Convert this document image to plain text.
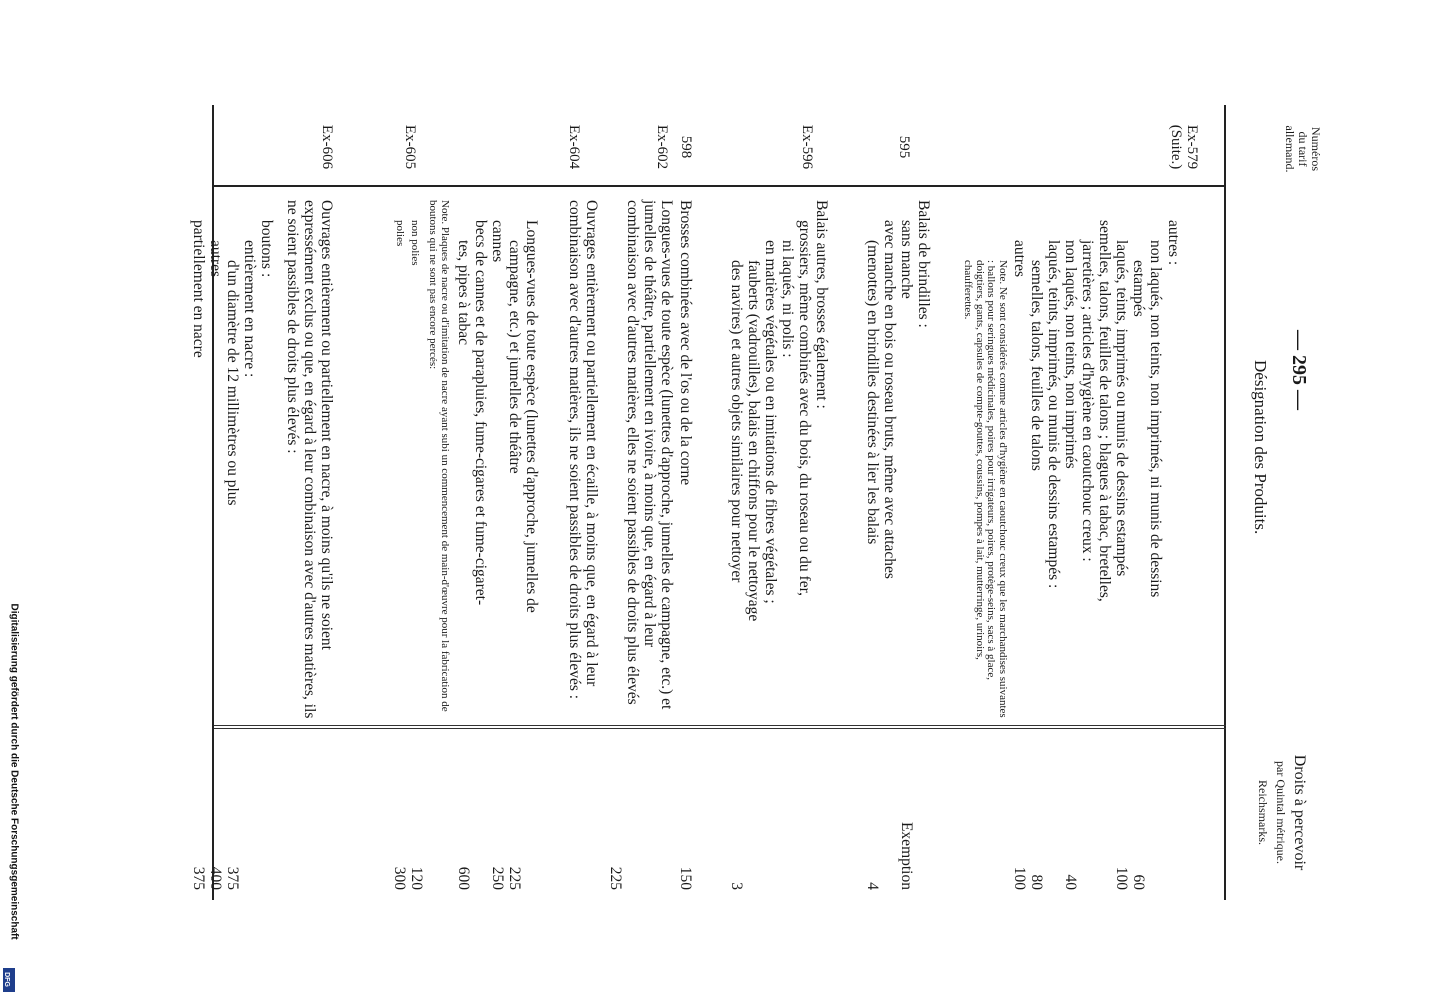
— 295 —
Numéros
du tarif
allemand.
Désignation des Produits.
Droits à percevoir
par Quintal métrique.
Reichsmarks.
Ex-579
(Suite.)
595
Ex-596
598
Ex-602
Ex-604
Ex-605
Ex-606
autres :
non laqués, non teints, non imprimés, ni munis de dessins
estampés
laqués, teints, imprimés ou munis de dessins estampés
semelles, talons, feuilles de talons ; blagues à tabac, bretelles,
jarretières ; articles d'hygiène en caoutchouc creux :
non laqués, non teints, non imprimés
laqués, teints, imprimés, ou munis de dessins estampés :
semelles, talons, feuilles de talons
autres
Note. Ne sont considérés comme articles d'hygiène en caoutchouc creux que les marchandises suivantes : ballons pour seringues médicinales, poires pour irrigateurs, poires, protège-seins, sacs à glace, doigtiers, gants, capsules de compte-gouttes, coussins, pompes à lait, mutterringe, urinoirs, chaufferettes.
Balais de brindilles :
sans manche
avec manche en bois ou roseau bruts, même avec attaches
(menottes) en brindilles destinées à lier les balais
Balais autres, brosses également :
grossiers, même combinés avec du bois, du roseau ou du fer,
ni laqués, ni polis :
en matières végétales ou en imitations de fibres végétales ;
fauberts (vadrouilles), balais en chiffons pour le nettoyage
des navires) et autres objets similaires pour nettoyer
Brosses combinées avec de l'os ou de la corne
Longues-vues de toute espèce (lunettes d'approche, jumelles de campagne, etc.) et jumelles de théâtre, partiellement en ivoire, à moins que, en égard à leur combinaison avec d'autres matières, elles ne soient passibles de droits plus élevés
Ouvrages entièrement ou partiellement en écaille, à moins que, en égard à leur combinaison avec d'autres matières, ils ne soient passibles de droits plus élevés :
Longues-vues de toute espèce (lunettes d'approche, jumelles de
campagne, etc.) et jumelles de théâtre
cannes
becs de cannes et de parapluies, fume-cigares et fume-cigaret-
tes, pipes à tabac
Note. Plaques de nacre ou d'imitation de nacre ayant subi un commencement de main-d'œuvre pour la fabrication de boutons qui ne sont pas encore percés:
non polies
polies
Ouvrages entièrement ou partiellement en nacre, à moins qu'ils ne soient expressément exclus ou que, en égard à leur combinaison avec d'autres matières, ils ne soient passibles de droits plus élevés :
boutons :
entièrement en nacre :
d'un diamètre de 12 millimètres ou plus
autres
partiellement en nacre
60
100
40
80
100
Exemption
4
3
150
225
225
250
600
120
300
375
400
375
Digitalisierung gefördert durch die Deutsche Forschungsgemeinschaft
DFG
